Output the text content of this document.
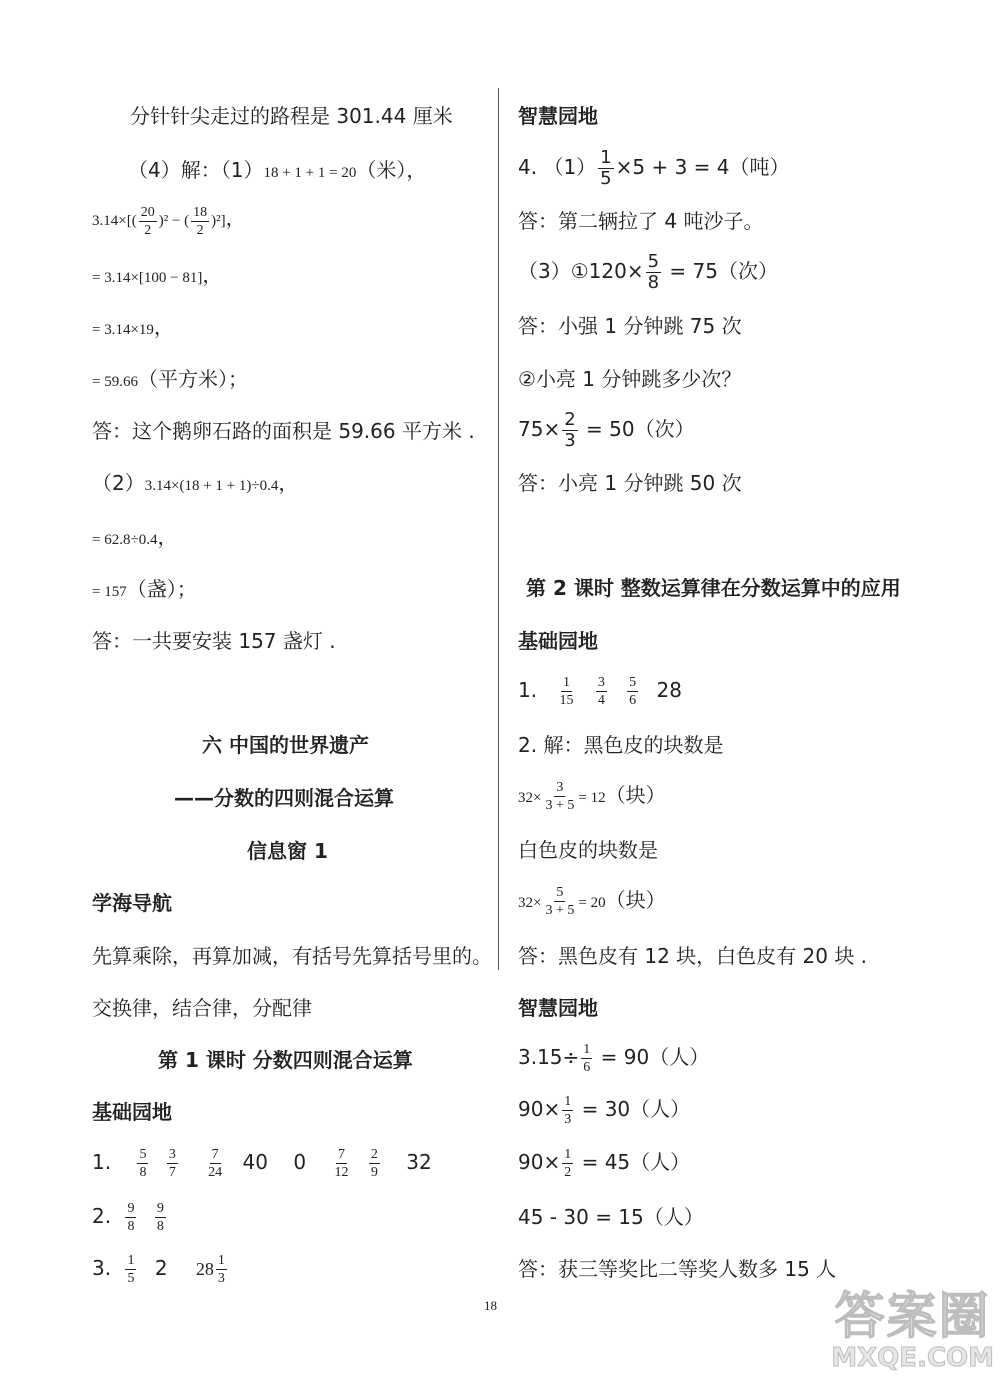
分针针尖走过的路程是 301.44 厘米
（4）解：（1）18 + 1 + 1 = 20（米），
$3.14\times[( \frac{20}{2} )^2$ − ( $\frac{18}{2} )^2$]，
= 3.14×[100 − 81]，
= 3.14×19，
= 59.66（平方米）；
答：这个鹅卵石路的面积是 59.66 平方米 .
（2）3.14×(18 + 1 + 1)÷0.4，
= 62.8÷0.4，
= 157（盏）；
答：一共要安装 157 盏灯 .
六 中国的世界遗产
——分数的四则混合运算
信息窗 1
学海导航
先算乘除，再算加减，有括号先算括号里的。
交换律，结合律，分配律
第 1 课时 分数四则混合运算
基础园地
1. $\frac{5}{8}$
$\frac{3}{7}$
$\frac{7}{24} 40$    $0 \frac{7}{12}$
$\frac{2}{9} 32$
2. $\frac{9}{8}$
$\frac{9}{8}$
3. $\frac{1}{5} 2$ $28 \frac{1}{3}$
智慧园地
4. $(1) \frac{1}{5} \times 5 + 3 = 4$（吨）
答：第二辆拉了 4 吨沙子。
（3）①120× $\frac{5}{8} = 75$（次）
答：小强 1 分钟跳 75 次
②小亮 1 分钟跳多少次？
$75\times \frac{2}{3} = 50$（次）
答：小亮 1 分钟跳 50 次
第 2 课时 整数运算律在分数运算中的应用
基础园地
1. $\frac{1}{15}$
$\frac{3}{4}$
$\frac{5}{6} 28$
2. 解：黑色皮的块数是
$32\times \frac{3}{3 + 5} = 12$（块）
白色皮的块数是
$32\times \frac{5}{3 + 5} = 20$（块）
答：黑色皮有 12 块，白色皮有 20 块 .
智慧园地
$3.15\div \frac{1}{6} = 90$（人）
$90\times \frac{1}{3} = 30$（人）
$90\times \frac{1}{2} = 45$（人）
45 - 30 = 15（人）
答：获三等奖比二等奖人数多 15 人
18	答案圈
MXQE.COM
